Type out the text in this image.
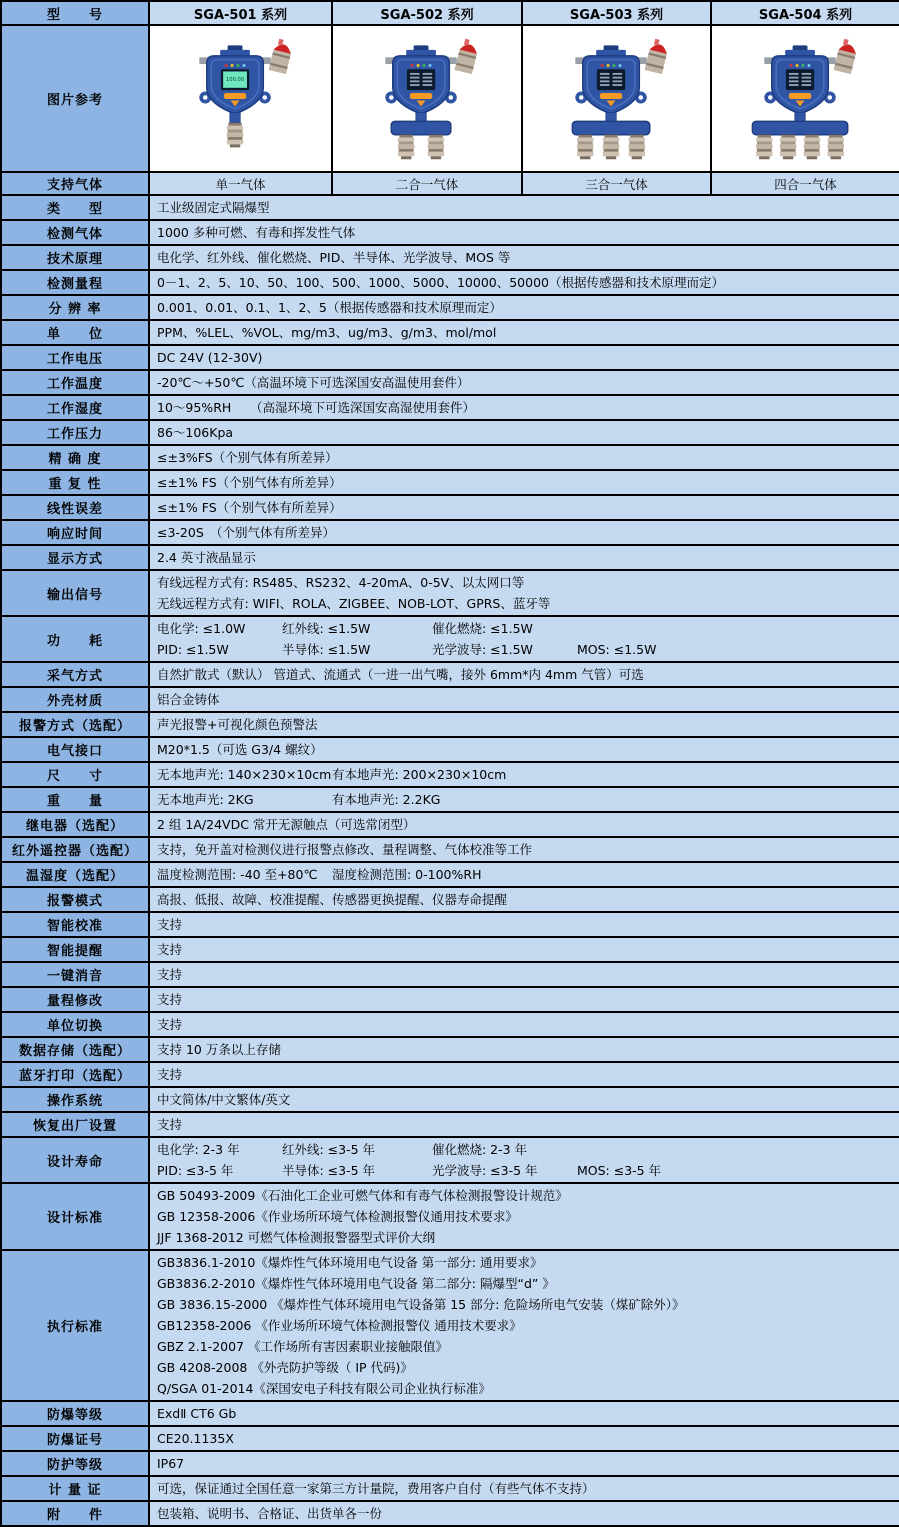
型　　号	SGA-501 系列	SGA-502 系列	SGA-503 系列	SGA-504 系列
图片参考	100.00

支持气体	单一气体	二合一气体	三合一气体	四合一气体
类　　型	工业级固定式隔爆型			
检测气体	1000 多种可燃、有毒和挥发性气体			
技术原理	电化学、红外线、催化燃烧、PID、半导体、光学波导、MOS 等			
检测量程	0－1、2、5、10、50、100、500、1000、5000、10000、50000（根据传感器和技术原理而定）			
分 辨 率	0.001、0.01、0.1、1、2、5（根据传感器和技术原理而定）			
单　　位	PPM、%LEL、%VOL、mg/m3、ug/m3、g/m3、mol/mol			
工作电压	DC 24V (12-30V)			
工作温度	-20℃～+50℃（高温环境下可选深国安高温使用套件）			
工作湿度	10～95%RH　　（高湿环境下可选深国安高湿使用套件）			
工作压力	86～106Kpa			
精 确 度	≤±3%FS（个别气体有所差异）			
重 复 性	≤±1% FS（个别气体有所差异）			
线性误差	≤±1% FS（个别气体有所差异）			
响应时间	≤3-20S　（个别气体有所差异）			
显示方式	2.4 英寸液晶显示			
输出信号	有线远程方式有: RS485、RS232、4-20mA、0-5V、以太网口等
无线远程方式有: WIFI、ROLA、ZIGBEE、NOB-LOT、GPRS、蓝牙等			

功　　耗	电化学: ≤1.0W 红外线: ≤1.5W 催化燃烧: ≤1.5W
PID: ≤1.5W 半导体: ≤1.5W 光学波导: ≤1.5W MOS: ≤1.5W			

采气方式	自然扩散式（默认） 管道式、流通式（一进一出气嘴，接外 6mm*内 4mm 气管）可选			
外壳材质	铝合金铸体			
报警方式（选配）	声光报警+可视化颜色预警法			
电气接口	M20*1.5（可选 G3/4 螺纹）			
尺　　寸	无本地声光: 140×230×10cm有本地声光: 200×230×10cm			

重　　量	无本地声光: 2KG 有本地声光: 2.2KG			

继电器（选配）	2 组 1A/24VDC 常开无源触点（可选常闭型）			
红外遥控器（选配）	支持，免开盖对检测仪进行报警点修改、量程调整、气体校准等工作			
温湿度（选配）	温度检测范围: -40 至+80℃ 湿度检测范围: 0-100%RH			

报警模式	高报、低报、故障、校准提醒、传感器更换提醒、仪器寿命提醒			
智能校准	支持			
智能提醒	支持			
一键消音	支持			
量程修改	支持			
单位切换	支持			
数据存储（选配）	支持 10 万条以上存储			
蓝牙打印（选配）	支持			
操作系统	中文简体/中文繁体/英文			
恢复出厂设置	支持			
设计寿命	电化学: 2-3 年 红外线: ≤3-5 年 催化燃烧: 2-3 年
PID: ≤3-5 年 半导体: ≤3-5 年 光学波导: ≤3-5 年 MOS: ≤3-5 年			

设计标准	GB 50493-2009《石油化工企业可燃气体和有毒气体检测报警设计规范》
GB 12358-2006《作业场所环境气体检测报警仪通用技术要求》
JJF 1368-2012 可燃气体检测报警器型式评价大纲			

执行标准	
GB3836.1-2010《爆炸性气体环境用电气设备 第一部分: 通用要求》
GB3836.2-2010《爆炸性气体环境用电气设备 第二部分: 隔爆型“d” 》
GB 3836.15-2000 《爆炸性气体环境用电气设备第 15 部分: 危险场所电气安装（煤矿除外）》
GB12358-2006 《作业场所环境气体检测报警仪 通用技术要求》
GBZ 2.1-2007 《工作场所有害因素职业接触限值》
GB 4208-2008 《外壳防护等级（ IP 代码)》
Q/SGA 01-2014《深国安电子科技有限公司企业执行标准》

防爆等级	ExdⅡ CT6 Gb			
防爆证号	CE20.1135X			
防护等级	IP67			
计 量 证	可选，保证通过全国任意一家第三方计量院，费用客户自付（有些气体不支持）			
附　　件	包装箱、说明书、合格证、出货单各一份			
